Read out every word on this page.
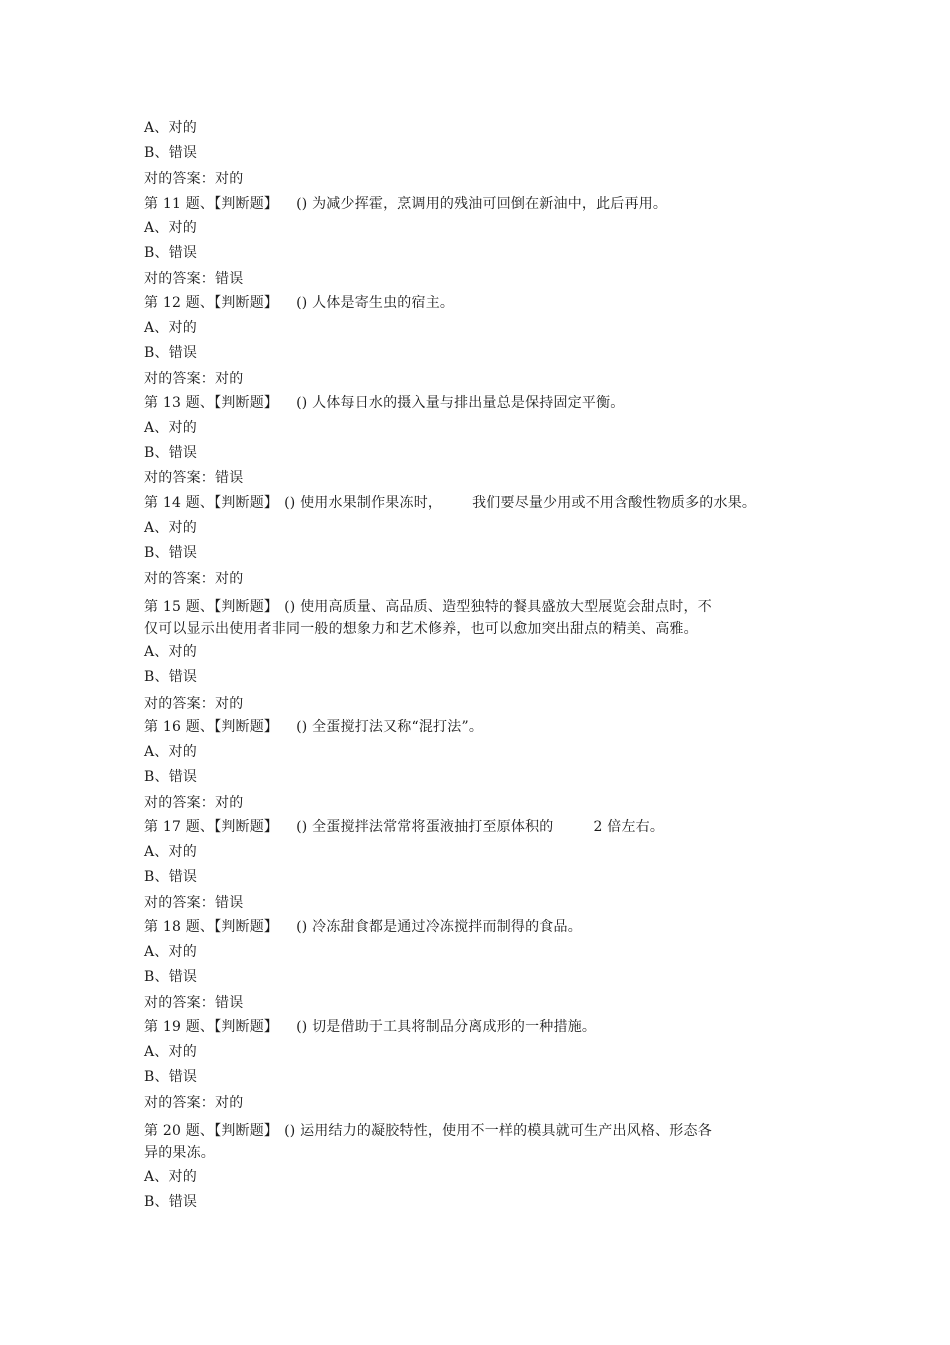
A、对的
B、错误
对的答案：对的
第 11 题、【判断题】 () 为减少挥霍，烹调用的残油可回倒在新油中，此后再用。
A、对的
B、错误
对的答案：错误
第 12 题、【判断题】 () 人体是寄生虫的宿主。
A、对的
B、错误
对的答案：对的
第 13 题、【判断题】 () 人体每日水的摄入量与排出量总是保持固定平衡。
A、对的
B、错误
对的答案：错误
第 14 题、【判断题】 () 使用水果制作果冻时， 我们要尽量少用或不用含酸性物质多的水果。
A、对的
B、错误
对的答案：对的
第 15 题、【判断题】 () 使用高质量、高品质、造型独特的餐具盛放大型展览会甜点时，不
仅可以显示出使用者非同一般的想象力和艺术修养，也可以愈加突出甜点的精美、高雅。
A、对的
B、错误
对的答案：对的
第 16 题、【判断题】 () 全蛋搅打法又称“混打法”。
A、对的
B、错误
对的答案：对的
第 17 题、【判断题】 () 全蛋搅拌法常常将蛋液抽打至原体积的	2 倍左右。
A、对的
B、错误
对的答案：错误
第 18 题、【判断题】 () 冷冻甜食都是通过冷冻搅拌而制得的食品。
A、对的
B、错误
对的答案：错误
第 19 题、【判断题】 () 切是借助于工具将制品分离成形的一种措施。
A、对的
B、错误
对的答案：对的
第 20 题、【判断题】 () 运用结力的凝胶特性，使用不一样的模具就可生产出风格、形态各
异的果冻。
A、对的
B、错误
